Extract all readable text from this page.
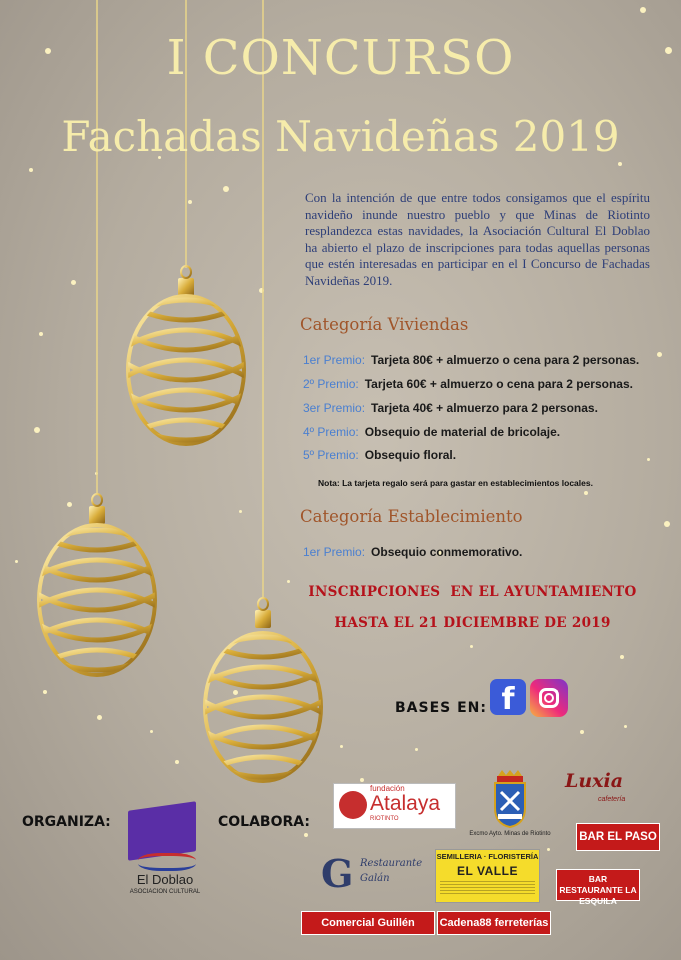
I CONCURSO
Fachadas Navideñas 2019
Con la intención de que entre todos consigamos que el espíritu navideño inunde nuestro pueblo y que Minas de Riotinto resplandezca estas navidades, la Asociación Cultural El Doblao ha abierto el plazo de inscripciones para todas aquellas personas que estén interesadas en participar en el I Concurso de Fachadas Navideñas 2019.
Categoría Viviendas
1er Premio: Tarjeta 80€ + almuerzo o cena para 2 personas.
2º Premio: Tarjeta 60€ + almuerzo o cena para 2 personas.
3er Premio: Tarjeta 40€ + almuerzo para 2 personas.
4º Premio: Obsequio de material de bricolaje.
5º Premio: Obsequio floral.
Nota: La tarjeta regalo será para gastar en establecimientos locales.
Categoría Establecimiento
1er Premio: Obsequio conmemorativo.
INSCRIPCIONES  EN EL AYUNTAMIENTO
HASTA EL 21 DICIEMBRE DE 2019
BASES EN: f
ORGANIZA:	COLABORA:
El Doblao
ASOCIACION CULTURAL
fundación
Atalaya
RIOTINTO
Excmo Ayto. Minas de Riotinto
Luxia
cafetería
BAR EL PASO
BAR RESTAURANTE LA ESQUILA
G Restaurante
Galán
SEMILLERIA · FLORISTERÍA
EL VALLE
Comercial Guillén	Cadena88 ferreterías
